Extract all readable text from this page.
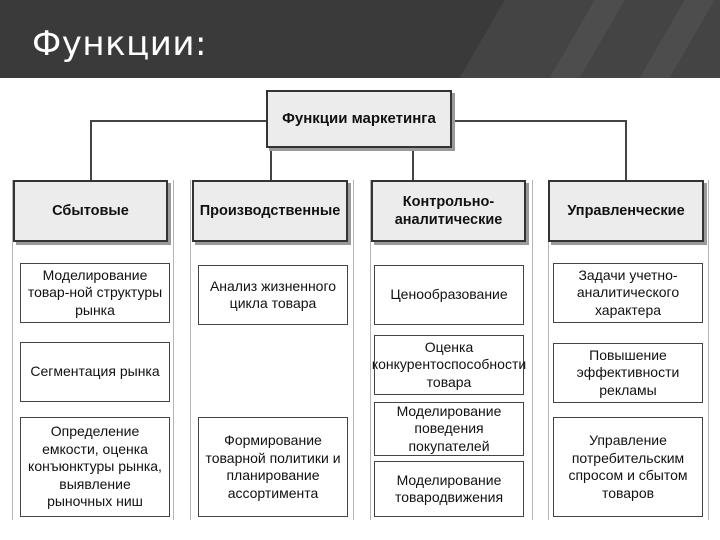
Функции:
Функции маркетинга
Сбытовые	Производственные
Контрольно-аналитические
Управленческие
Моделирование товар-ной структуры рынка
Сегментация рынка
Определение емкости, оценка конъюнктуры рынка, выявление рыночных ниш
Анализ жизненного цикла товара
Формирование товарной политики и планирование ассортимента
Ценообразование
Оценка конкурентоспособности товара
Моделирование поведения покупателей
Моделирование товародвижения
Задачи учетно-аналитического характера
Повышение эффективности рекламы
Управление потребительским спросом и сбытом товаров
